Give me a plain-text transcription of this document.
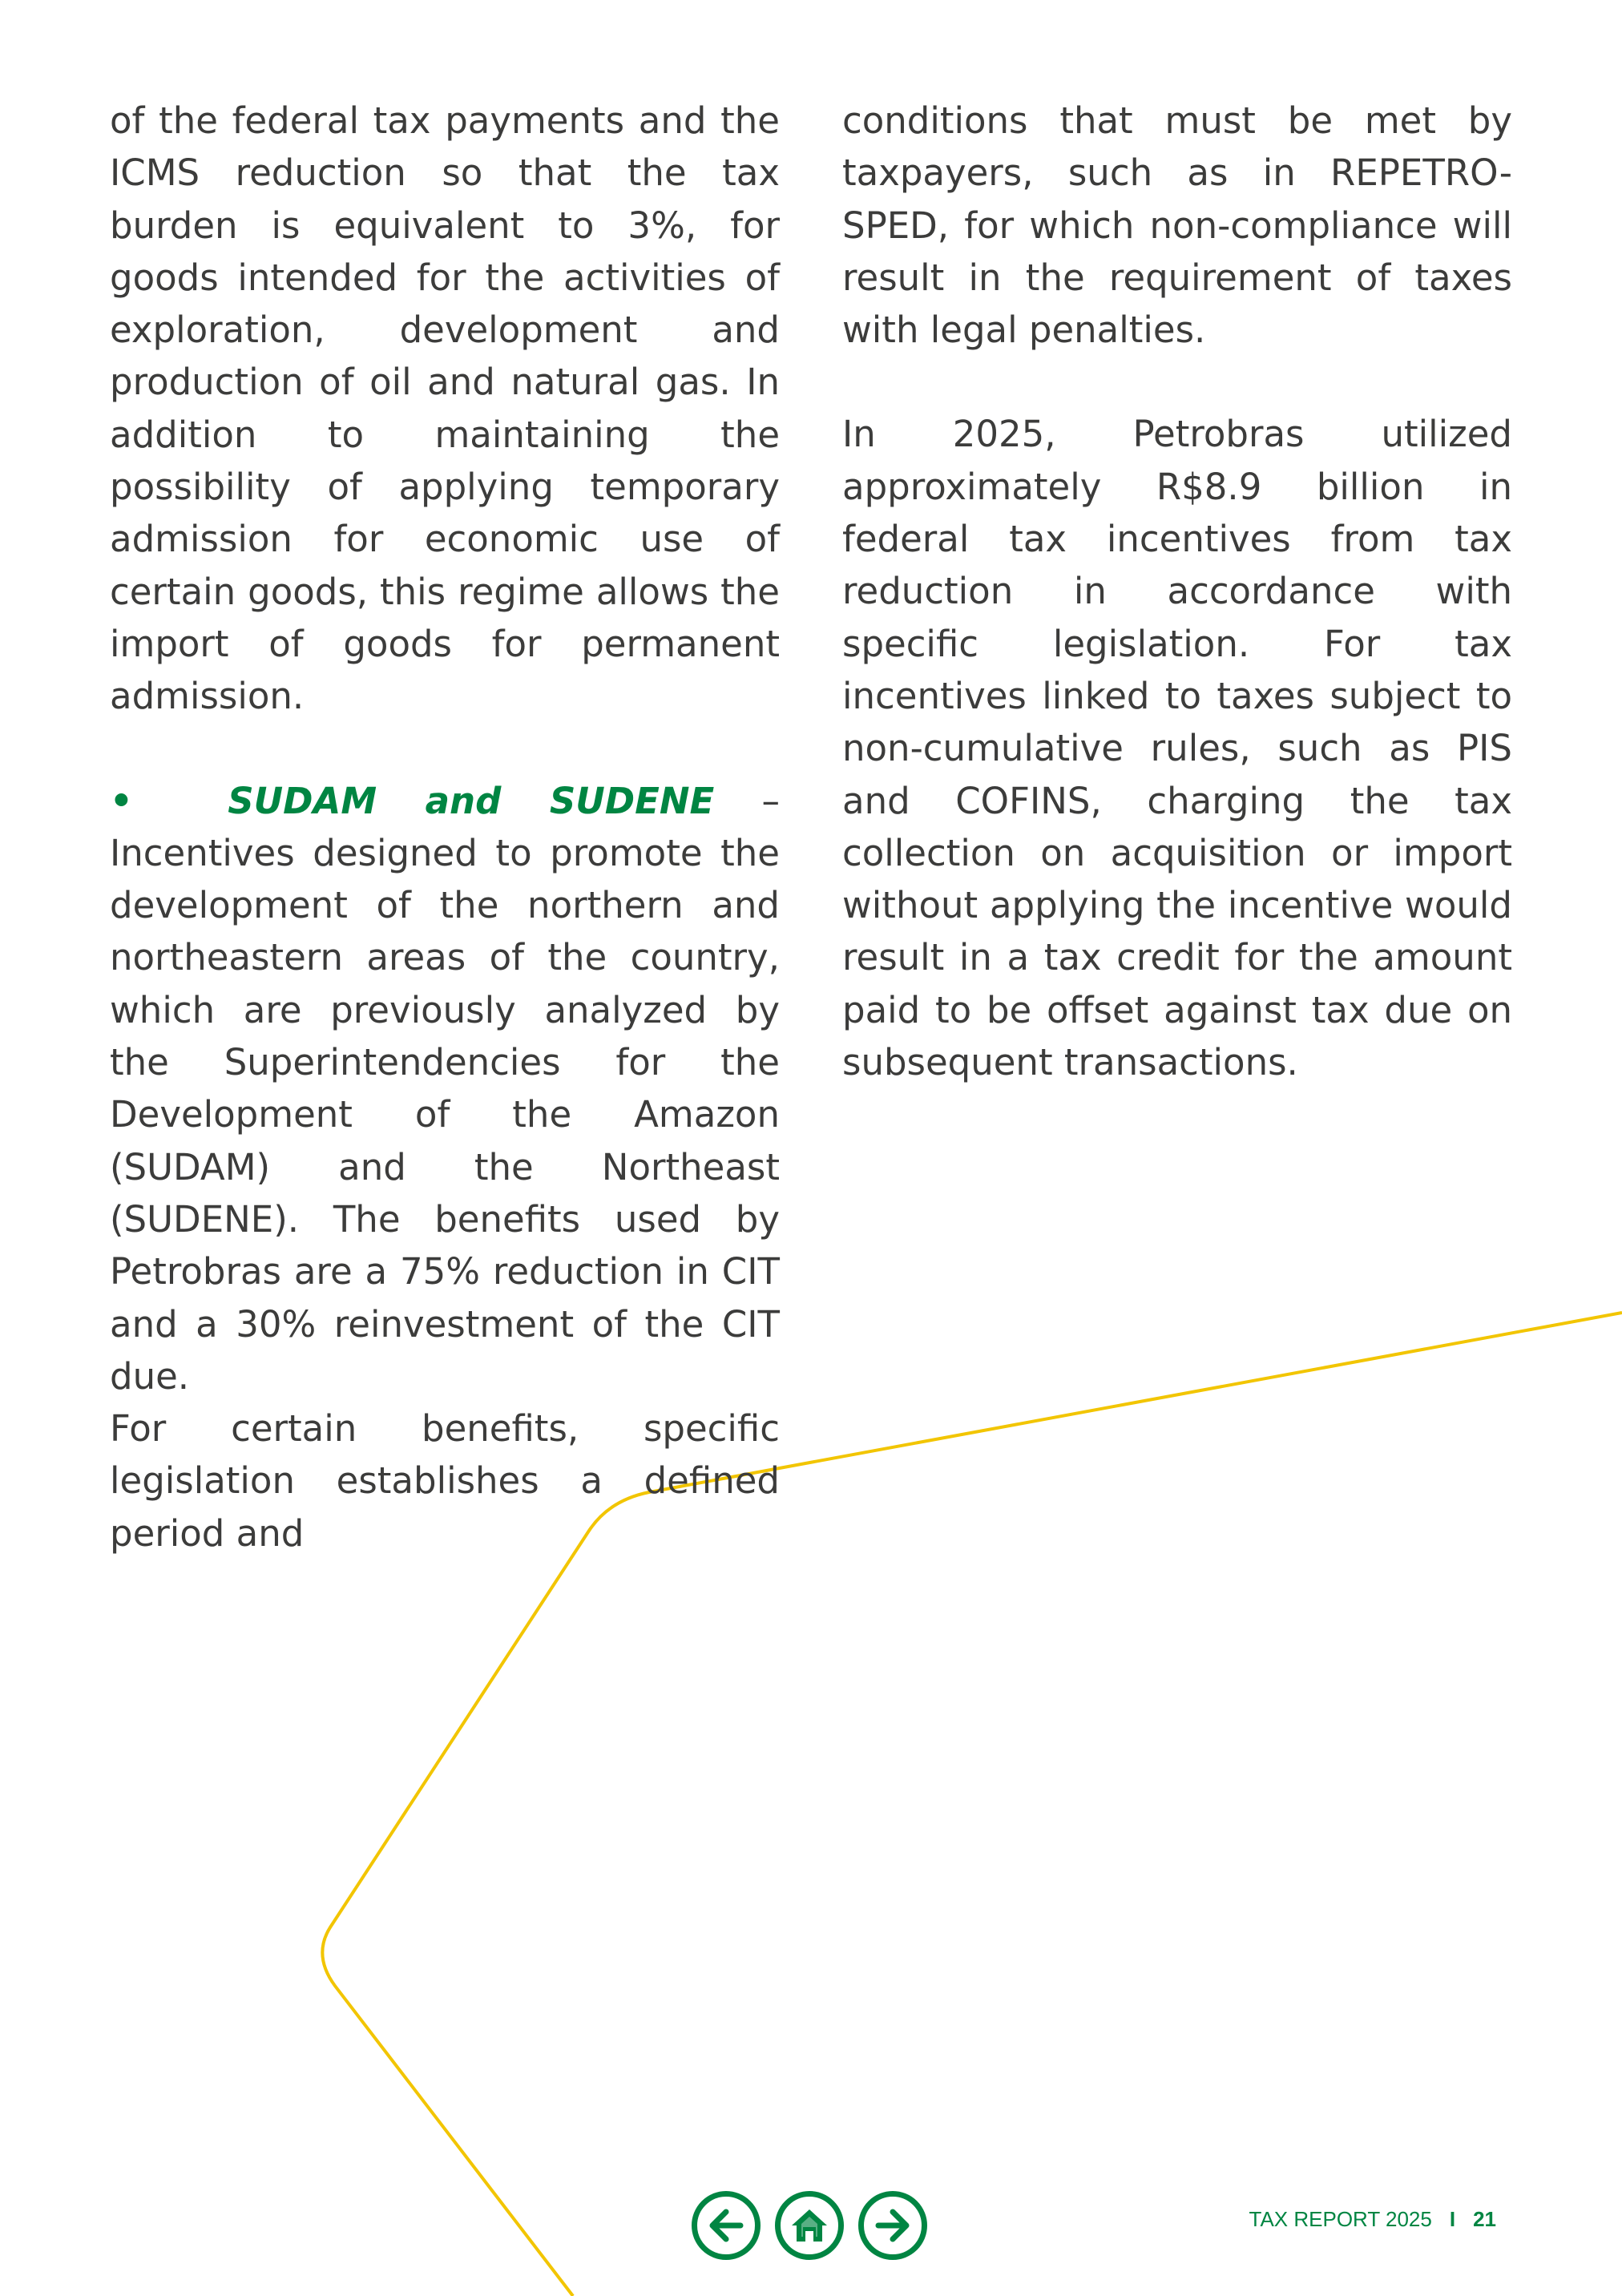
of the federal tax payments and the ICMS reduction so that the tax burden is equivalent to 3%, for goods intended for the activities of exploration, development and production of oil and natural gas. In addition to maintaining the possibility of applying temporary admission for economic use of certain goods, this regime allows the import of goods for permanent admission.

•	SUDAM and SUDENE – Incentives designed to promote the development of the northern and northeastern areas of the country, which are previously analyzed by the Superintendencies for the Development of the Amazon (SUDAM) and the Northeast (SUDENE). The benefits used by Petrobras are a 75% reduction in CIT and a 30% reinvestment of the CIT due.

For certain benefits, specific legislation establishes a defined period and

conditions that must be met by taxpayers, such as in REPETRO-SPED, for which non-compliance will result in the requirement of taxes with legal penalties.

In 2025, Petrobras utilized approximately R$8.9 billion in federal tax incentives from tax reduction in accordance with specific legislation. For tax incentives linked to taxes subject to non-cumulative rules, such as PIS and COFINS, charging the tax collection on acquisition or import without applying the incentive would result in a tax credit for the amount paid to be offset against tax due on subsequent transactions.

TAX REPORT 2025 I 21
